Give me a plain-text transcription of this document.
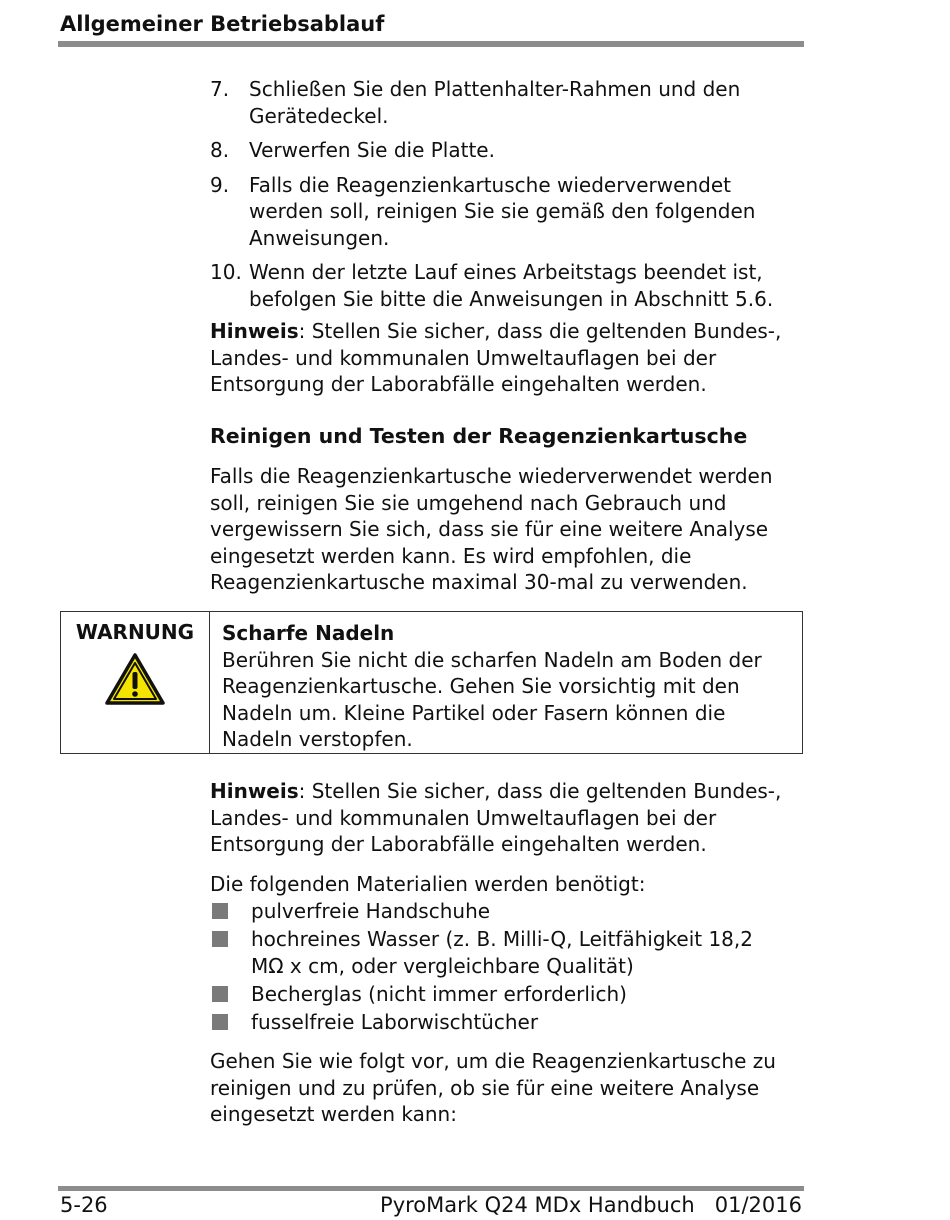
Allgemeiner Betriebsablauf
7. Schließen Sie den Plattenhalter-Rahmen und den Gerätedeckel.
8. Verwerfen Sie die Platte.
9. Falls die Reagenzienkartusche wiederverwendet werden soll, reinigen Sie sie gemäß den folgenden Anweisungen.
10. Wenn der letzte Lauf eines Arbeitstags beendet ist, befolgen Sie bitte die Anweisungen in Abschnitt 5.6.
Hinweis: Stellen Sie sicher, dass die geltenden Bundes-, Landes- und kommunalen Umweltauflagen bei der Entsorgung der Laborabfälle eingehalten werden.
Reinigen und Testen der Reagenzienkartusche
Falls die Reagenzienkartusche wiederverwendet werden soll, reinigen Sie sie umgehend nach Gebrauch und vergewissern Sie sich, dass sie für eine weitere Analyse eingesetzt werden kann. Es wird empfohlen, die Reagenzienkartusche maximal 30-mal zu verwenden.
WARNUNG	Scharfe Nadeln
Berühren Sie nicht die scharfen Nadeln am Boden der Reagenzienkartusche. Gehen Sie vorsichtig mit den Nadeln um. Kleine Partikel oder Fasern können die Nadeln verstopfen.
Hinweis: Stellen Sie sicher, dass die geltenden Bundes-, Landes- und kommunalen Umweltauflagen bei der Entsorgung der Laborabfälle eingehalten werden.
Die folgenden Materialien werden benötigt:
pulverfreie Handschuhe
hochreines Wasser (z. B. Milli-Q, Leitfähigkeit 18,2 MΩ x cm, oder vergleichbare Qualität)
Becherglas (nicht immer erforderlich)
fusselfreie Laborwischtücher
Gehen Sie wie folgt vor, um die Reagenzienkartusche zu reinigen und zu prüfen, ob sie für eine weitere Analyse eingesetzt werden kann:
5-26	PyroMark Q24 MDx Handbuch 01/2016
